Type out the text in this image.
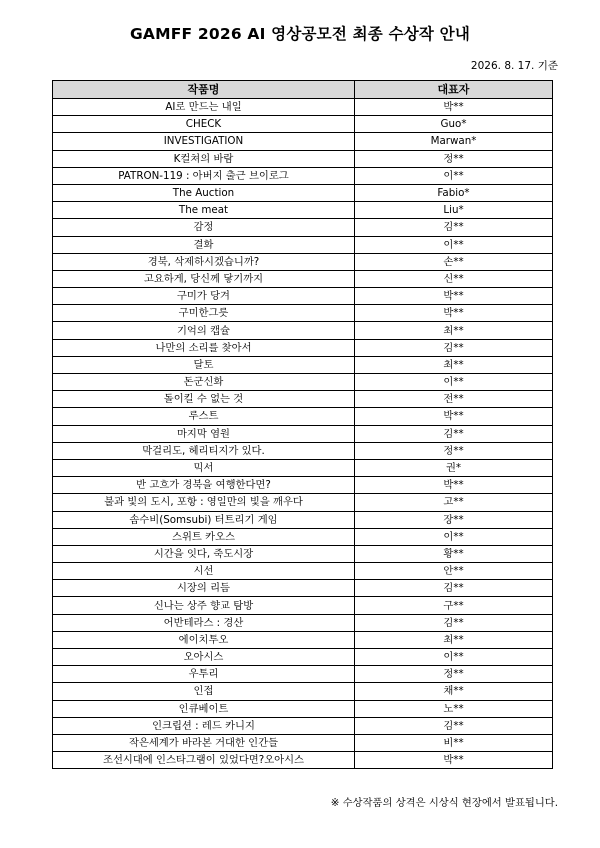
GAMFF 2026 AI 영상공모전 최종 수상작 안내
2026. 8. 17. 기준
작품명	대표자
AI로 만드는 내일	박**
CHECK	Guo*
INVESTIGATION	Marwan*
K컬쳐의 바람	정**
PATRON-119 : 아버지 출근 브이로그	이**
The Auction	Fabio*
The meat	Liu*
감정	김**
결화	이**
경북, 삭제하시겠습니까?	손**
고요하게, 당신께 닿기까지	신**
구미가 당겨	박**
구미한그릇	박**
기억의 캡슐	최**
나만의 소리를 찾아서	김**
달토	최**
돈군신화	이**
돌이킬 수 없는 것	전**
루스트	박**
마지막 염원	김**
막걸리도, 헤리티지가 있다.	정**
믹서	권*
반 고흐가 경북을 여행한다면?	박**
불과 빛의 도시, 포항 : 영일만의 빛을 깨우다	고**
솜수비(Somsubi) 터트리기 게임	장**
스위트 카오스	이**
시간을 잇다, 죽도시장	황**
시선	안**
시장의 리듬	김**
신나는 상주 향교 탐방	구**
어반테라스 : 경산	김**
에이치투오	최**
오아시스	이**
우투리	정**
인접	채**
인큐베이트	노**
인크립션 : 레드 카니지	김**
작은세계가 바라본 거대한 인간들	비**
조선시대에 인스타그램이 있었다면?오아시스	박**
※ 수상작품의 상격은 시상식 현장에서 발표됩니다.
